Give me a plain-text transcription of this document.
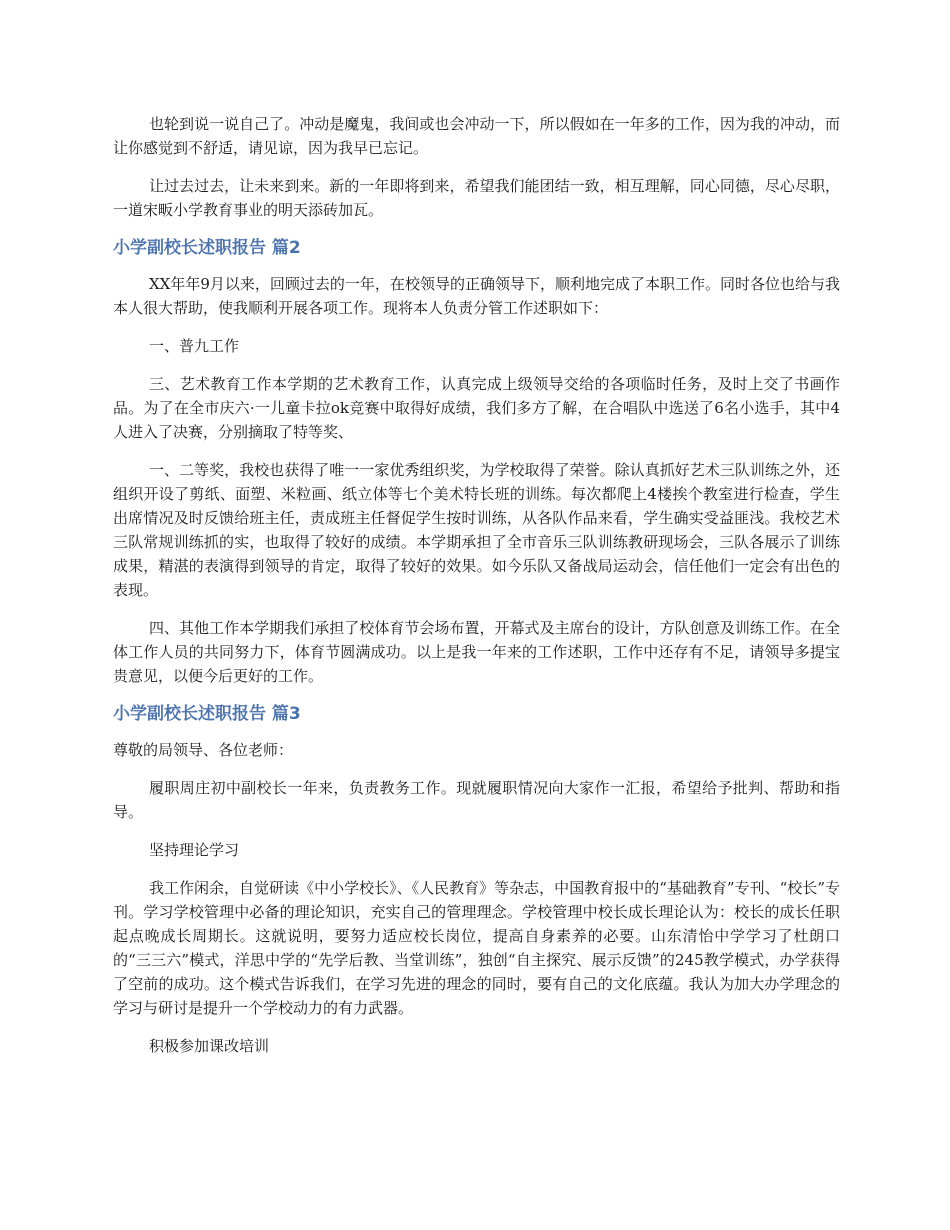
也轮到说一说自己了。冲动是魔鬼，我间或也会冲动一下，所以假如在一年多的工作，因为我的冲动，而让你感觉到不舒适，请见谅，因为我早已忘记。

让过去过去，让未来到来。新的一年即将到来，希望我们能团结一致，相互理解，同心同德，尽心尽职，一道宋畈小学教育事业的明天添砖加瓦。

小学副校长述职报告 篇2

XX年年9月以来，回顾过去的一年，在校领导的正确领导下，顺利地完成了本职工作。同时各位也给与我本人很大帮助，使我顺利开展各项工作。现将本人负责分管工作述职如下：

一、普九工作

三、艺术教育工作本学期的艺术教育工作，认真完成上级领导交给的各项临时任务，及时上交了书画作品。为了在全市庆六·一儿童卡拉ok竞赛中取得好成绩，我们多方了解，在合唱队中选送了6名小选手，其中4人进入了决赛，分别摘取了特等奖、

一、二等奖，我校也获得了唯一一家优秀组织奖，为学校取得了荣誉。除认真抓好艺术三队训练之外，还组织开设了剪纸、面塑、米粒画、纸立体等七个美术特长班的训练。每次都爬上4楼挨个教室进行检查，学生出席情况及时反馈给班主任，责成班主任督促学生按时训练，从各队作品来看，学生确实受益匪浅。我校艺术三队常规训练抓的实，也取得了较好的成绩。本学期承担了全市音乐三队训练教研现场会，三队各展示了训练成果，精湛的表演得到领导的肯定，取得了较好的效果。如今乐队又备战局运动会，信任他们一定会有出色的表现。

四、其他工作本学期我们承担了校体育节会场布置，开幕式及主席台的设计，方队创意及训练工作。在全体工作人员的共同努力下，体育节圆满成功。以上是我一年来的工作述职，工作中还存有不足，请领导多提宝贵意见，以便今后更好的工作。

小学副校长述职报告 篇3

尊敬的局领导、各位老师：

履职周庄初中副校长一年来，负责教务工作。现就履职情况向大家作一汇报，希望给予批判、帮助和指导。

坚持理论学习

我工作闲余，自觉研读《中小学校长》、《人民教育》等杂志，中国教育报中的“基础教育”专刊、“校长”专刊。学习学校管理中必备的理论知识，充实自己的管理理念。学校管理中校长成长理论认为：校长的成长任职起点晚成长周期长。这就说明，要努力适应校长岗位，提高自身素养的必要。山东清怡中学学习了杜朗口的“三三六”模式，洋思中学的“先学后教、当堂训练”，独创“自主探究、展示反馈”的245教学模式，办学获得了空前的成功。这个模式告诉我们，在学习先进的理念的同时，要有自己的文化底蕴。我认为加大办学理念的学习与研讨是提升一个学校动力的有力武器。

积极参加课改培训
